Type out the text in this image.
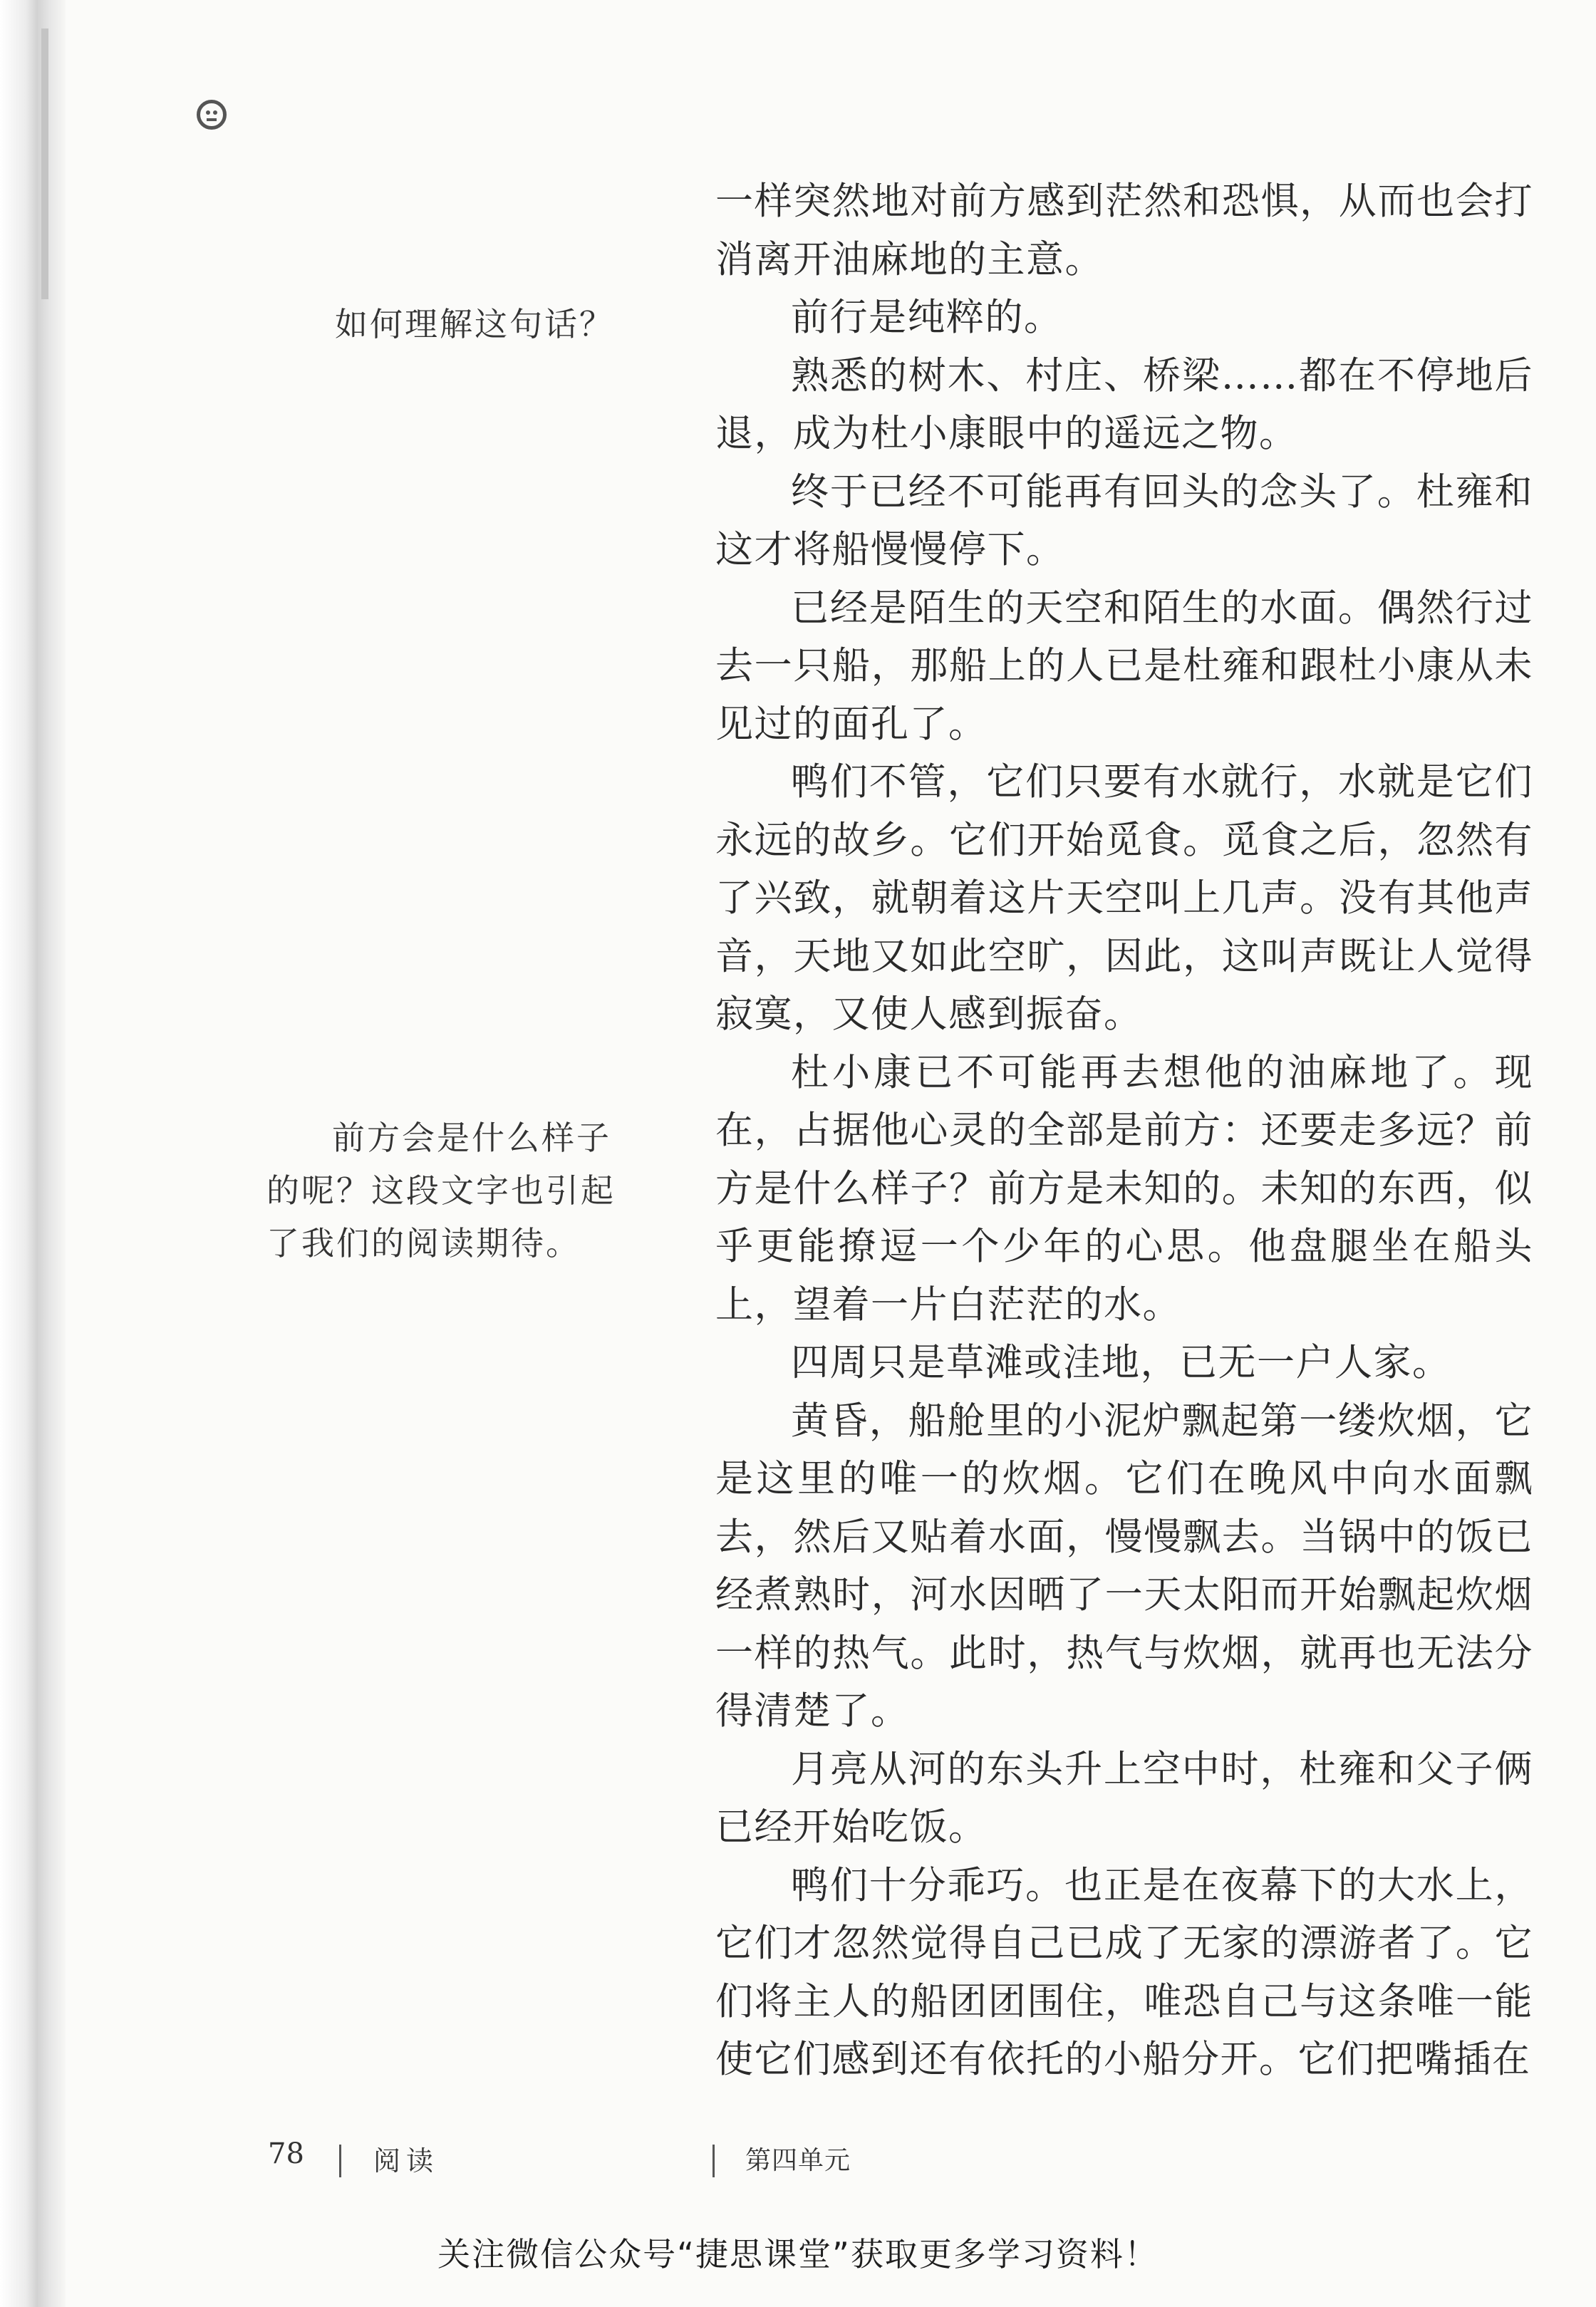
一样突然地对前方感到茫然和恐惧，从而也会打消离开油麻地的主意。

前行是纯粹的。

熟悉的树木、村庄、桥梁……都在不停地后退，成为杜小康眼中的遥远之物。

终于已经不可能再有回头的念头了。杜雍和这才将船慢慢停下。

已经是陌生的天空和陌生的水面。偶然行过去一只船，那船上的人已是杜雍和跟杜小康从未见过的面孔了。

鸭们不管，它们只要有水就行，水就是它们永远的故乡。它们开始觅食。觅食之后，忽然有了兴致，就朝着这片天空叫上几声。没有其他声音，天地又如此空旷，因此，这叫声既让人觉得寂寞，又使人感到振奋。

杜小康已不可能再去想他的油麻地了。现在，占据他心灵的全部是前方：还要走多远？前方是什么样子？前方是未知的。未知的东西，似乎更能撩逗一个少年的心思。他盘腿坐在船头上，望着一片白茫茫的水。

四周只是草滩或洼地，已无一户人家。

黄昏，船舱里的小泥炉飘起第一缕炊烟，它是这里的唯一的炊烟。它们在晚风中向水面飘去，然后又贴着水面，慢慢飘去。当锅中的饭已经煮熟时，河水因晒了一天太阳而开始飘起炊烟一样的热气。此时，热气与炊烟，就再也无法分得清楚了。

月亮从河的东头升上空中时，杜雍和父子俩已经开始吃饭。

鸭们十分乖巧。也正是在夜幕下的大水上，它们才忽然觉得自己已成了无家的漂游者了。它们将主人的船团团围住，唯恐自己与这条唯一能使它们感到还有依托的小船分开。它们把嘴插在

如何理解这句话？
前方会是什么样子的呢？这段文字也引起了我们的阅读期待。
78	阅读	第四单元
关注微信公众号“捷思课堂”获取更多学习资料！
